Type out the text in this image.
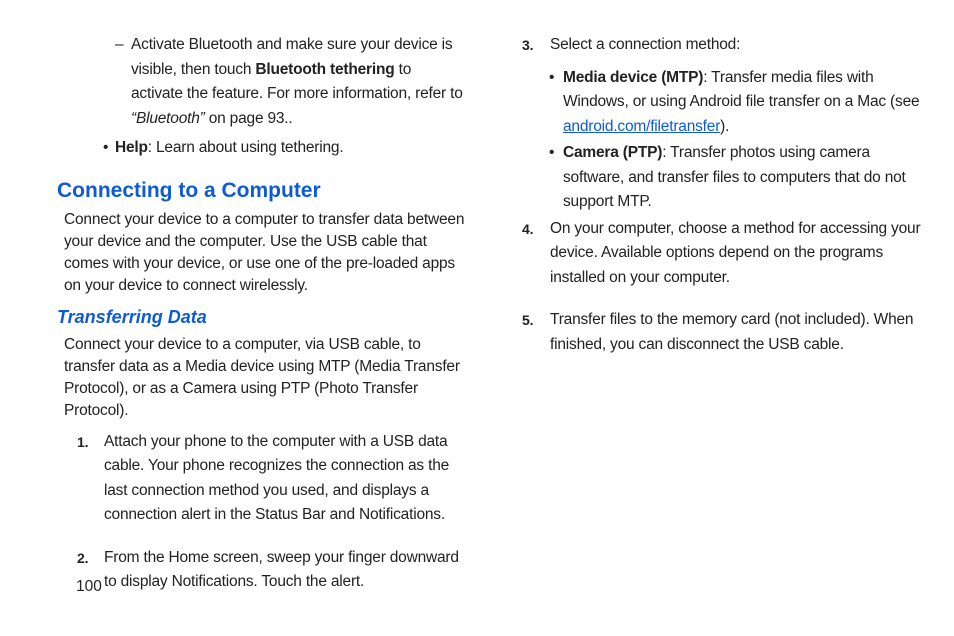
– Activate Bluetooth and make sure your device is visible, then touch Bluetooth tethering to activate the feature. For more information, refer to “Bluetooth” on page 93..
• Help: Learn about using tethering.
Connecting to a Computer

Connect your device to a computer to transfer data between your device and the computer. Use the USB cable that comes with your device, or use one of the pre-loaded apps on your device to connect wirelessly.

Transferring Data

Connect your device to a computer, via USB cable, to transfer data as a Media device using MTP (Media Transfer Protocol), or as a Camera using PTP (Photo Transfer Protocol).

1. Attach your phone to the computer with a USB data cable. Your phone recognizes the connection as the last connection method you used, and displays a connection alert in the Status Bar and Notifications.
2. From the Home screen, sweep your finger downward to display Notifications. Touch the alert.
3. Select a connection method:
• Media device (MTP): Transfer media files with Windows, or using Android file transfer on a Mac (see android.com/filetransfer).
• Camera (PTP): Transfer photos using camera software, and transfer files to computers that do not support MTP.
4. On your computer, choose a method for accessing your device. Available options depend on the programs installed on your computer.
5. Transfer files to the memory card (not included). When finished, you can disconnect the USB cable.
100
